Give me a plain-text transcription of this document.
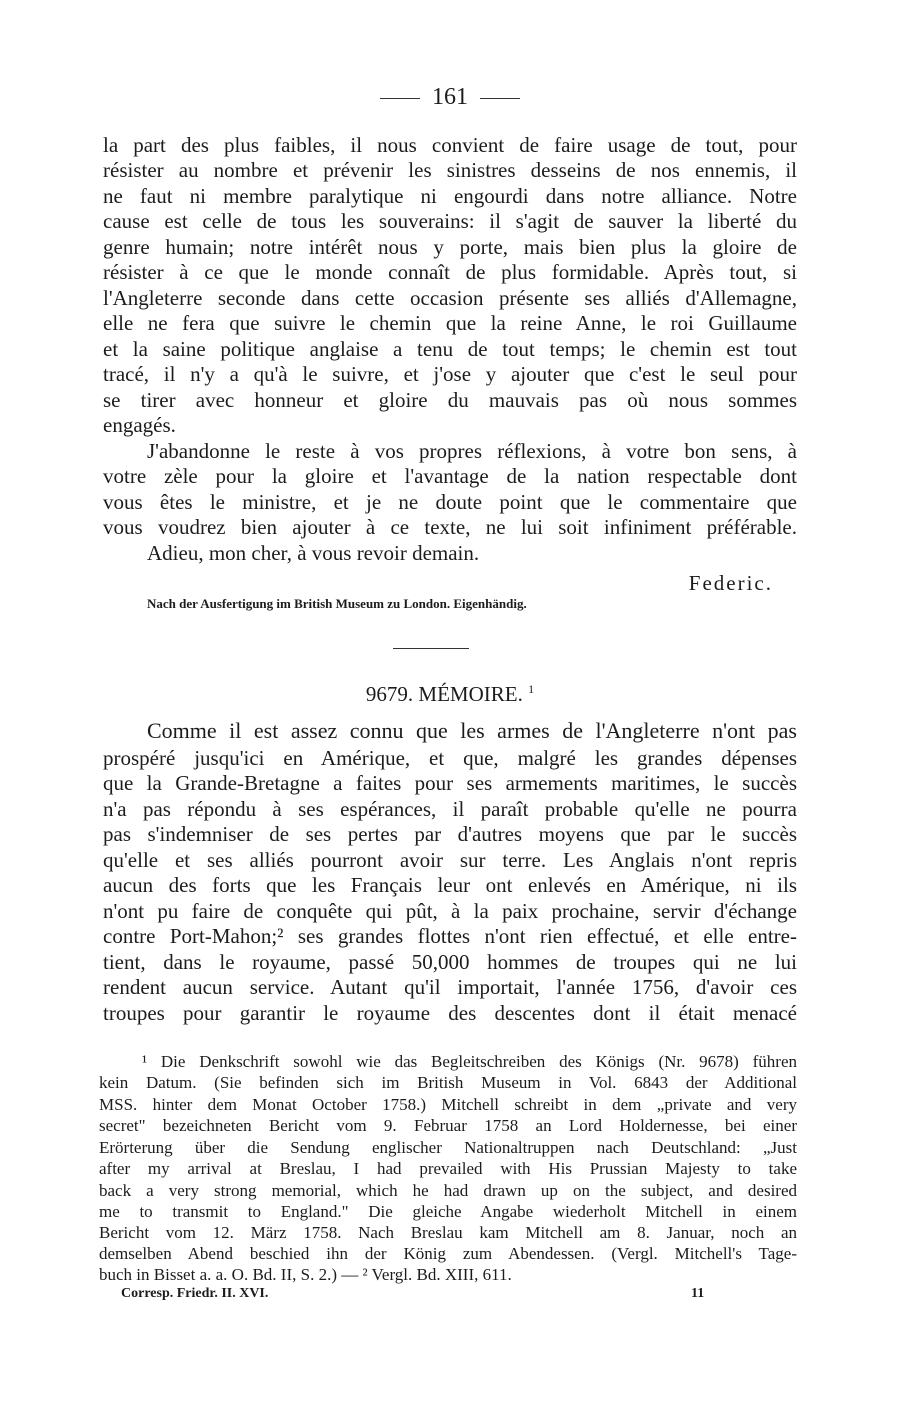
161
la part des plus faibles, il nous convient de faire usage de tout, pour
résister au nombre et prévenir les sinistres desseins de nos ennemis, il
ne faut ni membre paralytique ni engourdi dans notre alliance. Notre
cause est celle de tous les souverains: il s'agit de sauver la liberté du
genre humain; notre intérêt nous y porte, mais bien plus la gloire de
résister à ce que le monde connaît de plus formidable. Après tout, si
l'Angleterre seconde dans cette occasion présente ses alliés d'Allemagne,
elle ne fera que suivre le chemin que la reine Anne, le roi Guillaume
et la saine politique anglaise a tenu de tout temps; le chemin est tout
tracé, il n'y a qu'à le suivre, et j'ose y ajouter que c'est le seul pour
se tirer avec honneur et gloire du mauvais pas où nous sommes
engagés.
J'abandonne le reste à vos propres réflexions, à votre bon sens, à
votre zèle pour la gloire et l'avantage de la nation respectable dont
vous êtes le ministre, et je ne doute point que le commentaire que
vous voudrez bien ajouter à ce texte, ne lui soit infiniment préférable.
Adieu, mon cher, à vous revoir demain.
Federic.
Nach der Ausfertigung im British Museum zu London. Eigenhändig.
9679. MÉMOIRE. $^1$
Comme il est assez connu que les armes de l'Angleterre n'ont pas
prospéré jusqu'ici en Amérique, et que, malgré les grandes dépenses
que la Grande-Bretagne a faites pour ses armements maritimes, le succès
n'a pas répondu à ses espérances, il paraît probable qu'elle ne pourra
pas s'indemniser de ses pertes par d'autres moyens que par le succès
qu'elle et ses alliés pourront avoir sur terre. Les Anglais n'ont repris
aucun des forts que les Français leur ont enlevés en Amérique, ni ils
n'ont pu faire de conquête qui pût, à la paix prochaine, servir d'échange
contre Port-Mahon;² ses grandes flottes n'ont rien effectué, et elle entre-
tient, dans le royaume, passé 50,000 hommes de troupes qui ne lui
rendent aucun service. Autant qu'il importait, l'année 1756, d'avoir ces
troupes pour garantir le royaume des descentes dont il était menacé
¹ Die Denkschrift sowohl wie das Begleitschreiben des Königs (Nr. 9678) führen
kein Datum. (Sie befinden sich im British Museum in Vol. 6843 der Additional
MSS. hinter dem Monat October 1758.) Mitchell schreibt in dem „private and very
secret" bezeichneten Bericht vom 9. Februar 1758 an Lord Holdernesse, bei einer
Erörterung über die Sendung englischer Nationaltruppen nach Deutschland: „Just
after my arrival at Breslau, I had prevailed with His Prussian Majesty to take
back a very strong memorial, which he had drawn up on the subject, and desired
me to transmit to England." Die gleiche Angabe wiederholt Mitchell in einem
Bericht vom 12. März 1758. Nach Breslau kam Mitchell am 8. Januar, noch an
demselben Abend beschied ihn der König zum Abendessen. (Vergl. Mitchell's Tage-
buch in Bisset a. a. O. Bd. II, S. 2.) — ² Vergl. Bd. XIII, 611.
Corresp. Friedr. II. XVI.	11
